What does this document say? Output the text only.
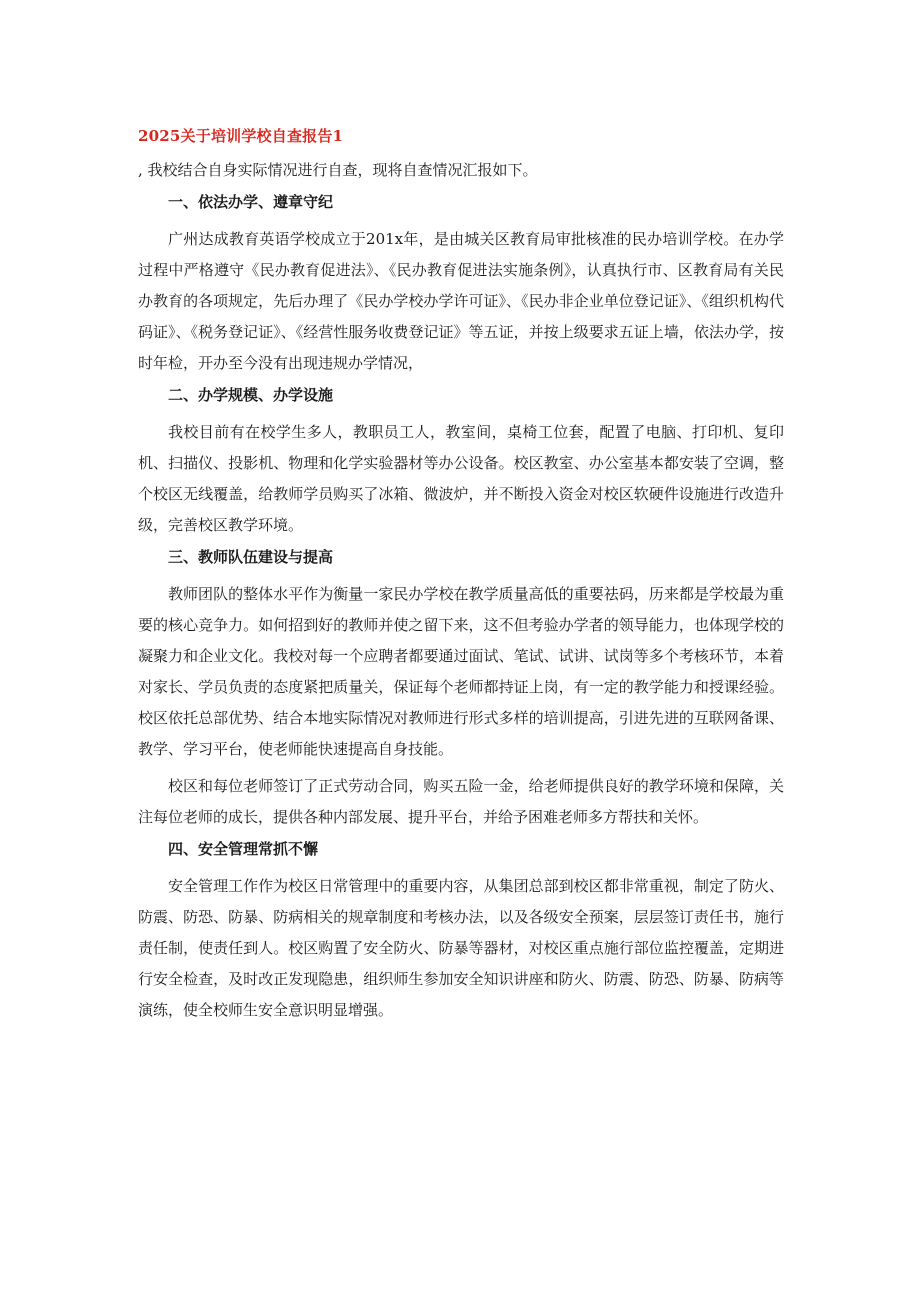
2025关于培训学校自查报告1
, 我校结合自身实际情况进行自查，现将自查情况汇报如下。
一、依法办学、遵章守纪
广州达成教育英语学校成立于201x年，是由城关区教育局审批核准的民办培训学校。在办学过程中严格遵守《民办教育促进法》、《民办教育促进法实施条例》，认真执行市、区教育局有关民办教育的各项规定，先后办理了《民办学校办学许可证》、《民办非企业单位登记证》、《组织机构代码证》、《税务登记证》、《经营性服务收费登记证》等五证，并按上级要求五证上墙，依法办学，按时年检，开办至今没有出现违规办学情况，
二、办学规模、办学设施
我校目前有在校学生多人，教职员工人，教室间，桌椅工位套，配置了电脑、打印机、复印机、扫描仪、投影机、物理和化学实验器材等办公设备。校区教室、办公室基本都安装了空调，整个校区无线覆盖，给教师学员购买了冰箱、微波炉，并不断投入资金对校区软硬件设施进行改造升级，完善校区教学环境。
三、教师队伍建设与提高
教师团队的整体水平作为衡量一家民办学校在教学质量高低的重要祛码，历来都是学校最为重要的核心竞争力。如何招到好的教师并使之留下来，这不但考验办学者的领导能力，也体现学校的凝聚力和企业文化。我校对每一个应聘者都要通过面试、笔试、试讲、试岗等多个考核环节，本着对家长、学员负责的态度紧把质量关，保证每个老师都持证上岗，有一定的教学能力和授课经验。校区依托总部优势、结合本地实际情况对教师进行形式多样的培训提高，引进先进的互联网备课、教学、学习平台，使老师能快速提高自身技能。
校区和每位老师签订了正式劳动合同，购买五险一金，给老师提供良好的教学环境和保障，关注每位老师的成长，提供各种内部发展、提升平台，并给予困难老师多方帮扶和关怀。
四、安全管理常抓不懈
安全管理工作作为校区日常管理中的重要内容，从集团总部到校区都非常重视，制定了防火、防震、防恐、防暴、防病相关的规章制度和考核办法，以及各级安全预案，层层签订责任书，施行责任制，使责任到人。校区购置了安全防火、防暴等器材，对校区重点施行部位监控覆盖，定期进行安全检查，及时改正发现隐患，组织师生参加安全知识讲座和防火、防震、防恐、防暴、防病等演练，使全校师生安全意识明显增强。
